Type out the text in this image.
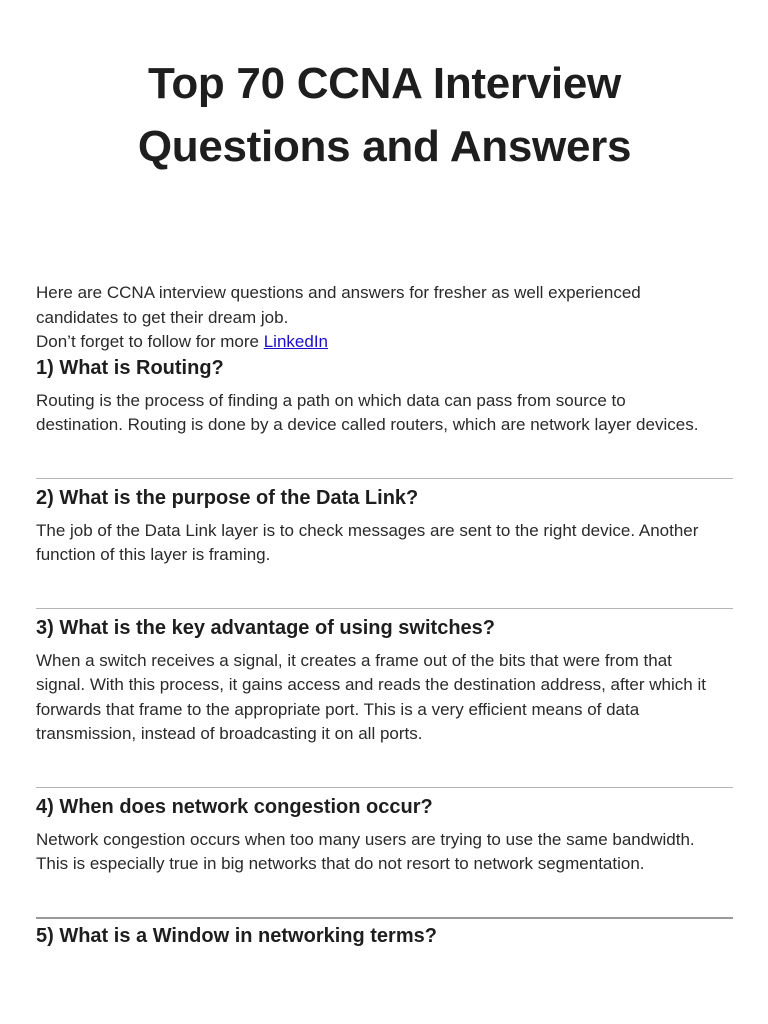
Top 70 CCNA Interview
Questions and Answers
Here are CCNA interview questions and answers for fresher as well experienced
candidates to get their dream job.
Don’t forget to follow for more LinkedIn
1) What is Routing?

Routing is the process of finding a path on which data can pass from source to
destination. Routing is done by a device called routers, which are network layer devices.

2) What is the purpose of the Data Link?

The job of the Data Link layer is to check messages are sent to the right device. Another
function of this layer is framing.

3) What is the key advantage of using switches?

When a switch receives a signal, it creates a frame out of the bits that were from that
signal. With this process, it gains access and reads the destination address, after which it
forwards that frame to the appropriate port. This is a very efficient means of data
transmission, instead of broadcasting it on all ports.

4) When does network congestion occur?

Network congestion occurs when too many users are trying to use the same bandwidth.
This is especially true in big networks that do not resort to network segmentation.

5) What is a Window in networking terms?
